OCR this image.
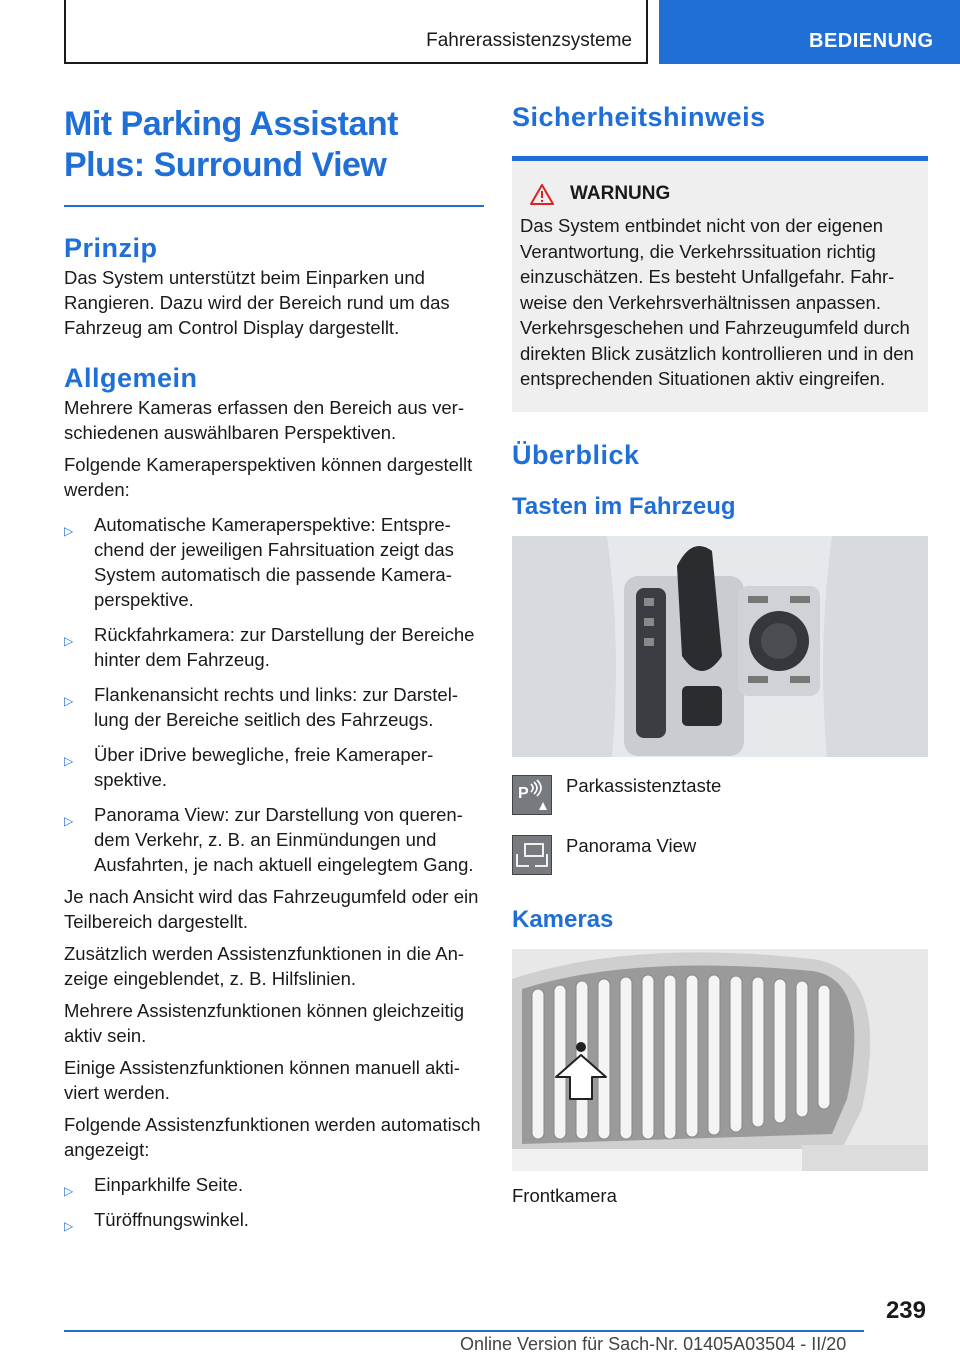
Fahrerassistenzsysteme	BEDIENUNG
Mit Parking Assistant Plus: Surround View
Prinzip

Das System unterstützt beim Einparken und Rangieren. Dazu wird der Bereich rund um das Fahrzeug am Control Display dargestellt.

Allgemein

Mehrere Kameras erfassen den Bereich aus verschiedenen auswählbaren Perspektiven.

Folgende Kameraperspektiven können dargestellt werden:

▷ Automatische Kameraperspektive: Entsprechend der jeweiligen Fahrsituation zeigt das System automatisch die passende Kameraperspektive.
▷ Rückfahrkamera: zur Darstellung der Bereiche hinter dem Fahrzeug.
▷ Flankenansicht rechts und links: zur Darstellung der Bereiche seitlich des Fahrzeugs.
▷ Über iDrive bewegliche, freie Kameraperspektive.
▷ Panorama View: zur Darstellung von querendem Verkehr, z. B. an Einmündungen und Ausfahrten, je nach aktuell eingelegtem Gang.

Je nach Ansicht wird das Fahrzeugumfeld oder ein Teilbereich dargestellt.

Zusätzlich werden Assistenzfunktionen in die Anzeige eingeblendet, z. B. Hilfslinien.

Mehrere Assistenzfunktionen können gleichzeitig aktiv sein.

Einige Assistenzfunktionen können manuell aktiviert werden.

Folgende Assistenzfunktionen werden automatisch angezeigt:

▷ Einparkhilfe Seite.
▷ Türöffnungswinkel.
Sicherheitshinweis
WARNUNG

Das System entbindet nicht von der eigenen Verantwortung, die Verkehrssituation richtig einzuschätzen. Es besteht Unfallgefahr. Fahrweise den Verkehrsverhältnissen anpassen. Verkehrsgeschehen und Fahrzeugumfeld durch direkten Blick zusätzlich kontrollieren und in den entsprechenden Situationen aktiv eingreifen.

Überblick
Tasten im Fahrzeug
P Parkassistenztaste

Panorama View

Kameras

Frontkamera

239
Online Version für Sach-Nr. 01405A03504 - II/20
